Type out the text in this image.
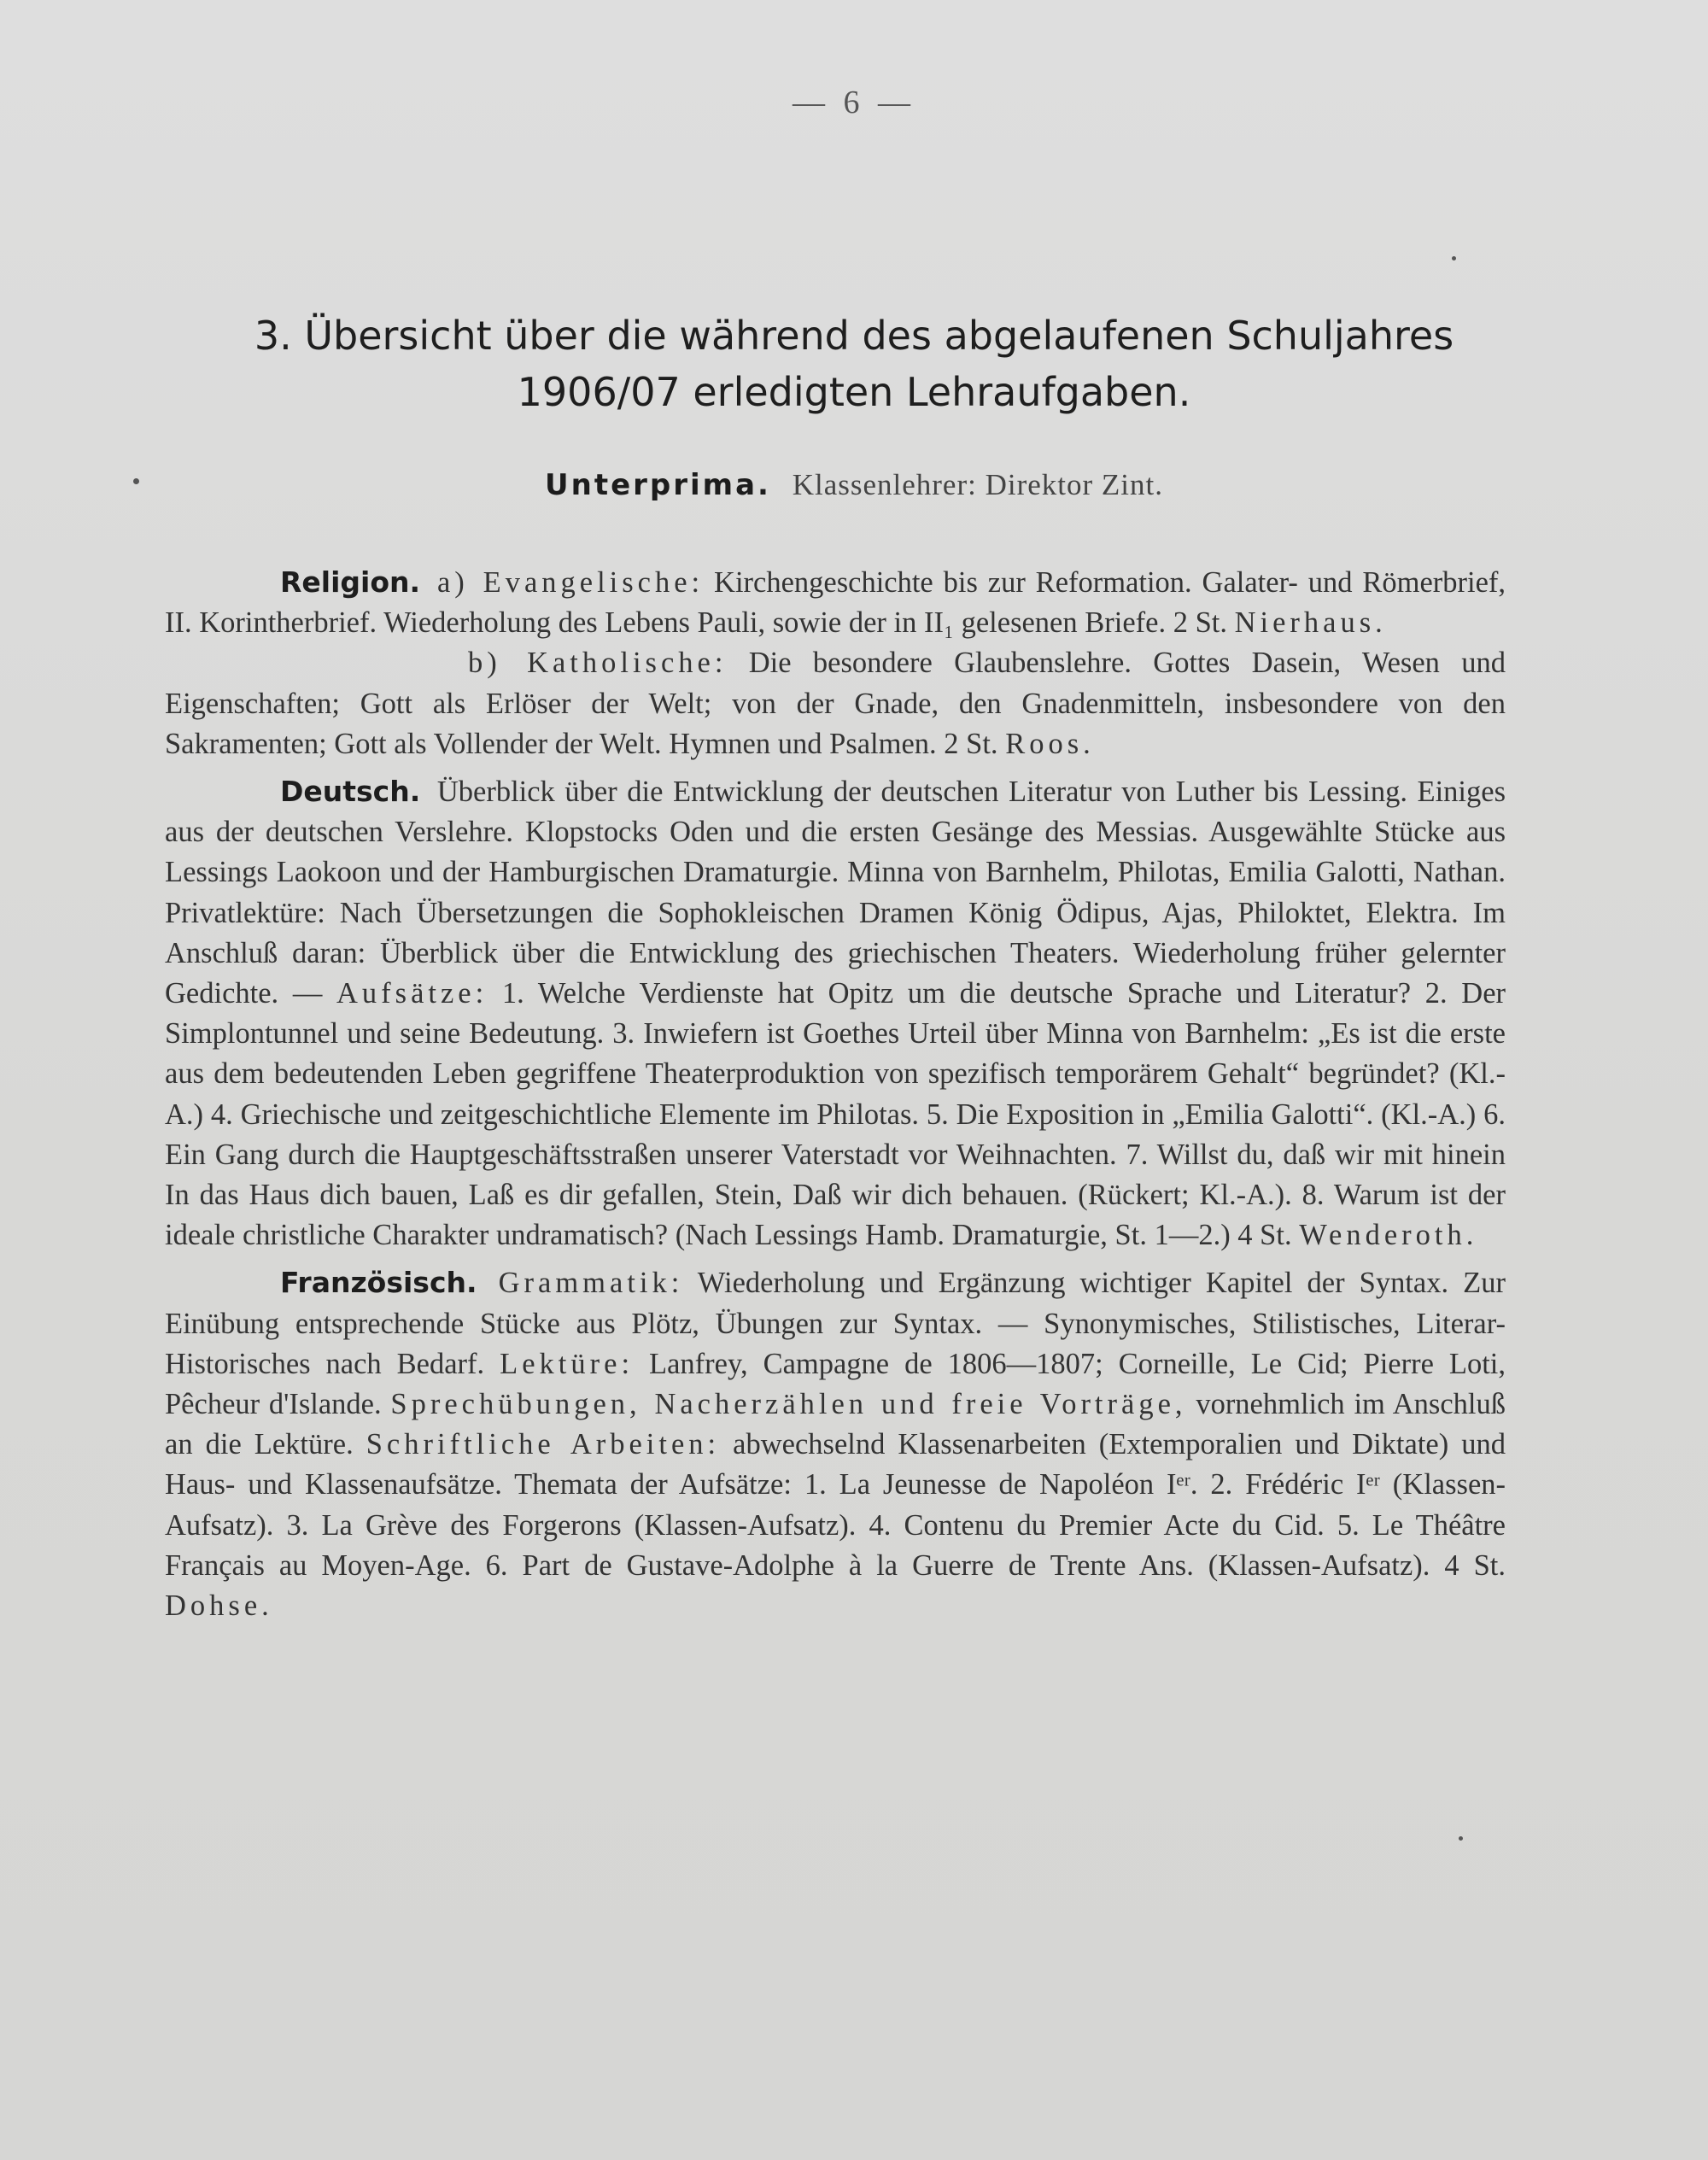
— 6 —
3. Übersicht über die während des abgelaufenen Schuljahres
1906/07 erledigten Lehraufgaben.
Unterprima. Klassenlehrer: Direktor Zint.

Religion. a) Evangelische: Kirchengeschichte bis zur Reformation. Galater- und Römerbrief, II. Korintherbrief. Wiederholung des Lebens Pauli, sowie der in II₁ gelesenen Briefe. 2 St. Nierhaus.

b) Katholische: Die besondere Glaubenslehre. Gottes Dasein, Wesen und Eigenschaften; Gott als Erlöser der Welt; von der Gnade, den Gnadenmitteln, insbesondere von den Sakramenten; Gott als Vollender der Welt. Hymnen und Psalmen. 2 St. Roos.

Deutsch. Überblick über die Entwicklung der deutschen Literatur von Luther bis Lessing. Einiges aus der deutschen Verslehre. Klopstocks Oden und die ersten Gesänge des Messias. Ausgewählte Stücke aus Lessings Laokoon und der Hamburgischen Dramaturgie. Minna von Barnhelm, Philotas, Emilia Galotti, Nathan. Privatlektüre: Nach Übersetzungen die Sophokleischen Dramen König Ödipus, Ajas, Philoktet, Elektra. Im Anschluß daran: Überblick über die Entwicklung des griechischen Theaters. Wiederholung früher gelernter Gedichte. — Aufsätze: 1. Welche Verdienste hat Opitz um die deutsche Sprache und Literatur? 2. Der Simplontunnel und seine Bedeutung. 3. Inwiefern ist Goethes Urteil über Minna von Barnhelm: „Es ist die erste aus dem bedeutenden Leben gegriffene Theaterproduktion von spezifisch temporärem Gehalt“ begründet? (Kl.-A.) 4. Griechische und zeitgeschichtliche Elemente im Philotas. 5. Die Exposition in „Emilia Galotti“. (Kl.-A.) 6. Ein Gang durch die Hauptgeschäftsstraßen unserer Vaterstadt vor Weihnachten. 7. Willst du, daß wir mit hinein In das Haus dich bauen, Laß es dir gefallen, Stein, Daß wir dich behauen. (Rückert; Kl.-A.). 8. Warum ist der ideale christliche Charakter undramatisch? (Nach Lessings Hamb. Dramaturgie, St. 1—2.) 4 St. Wenderoth.

Französisch. Grammatik: Wiederholung und Ergänzung wichtiger Kapitel der Syntax. Zur Einübung entsprechende Stücke aus Plötz, Übungen zur Syntax. — Synonymisches, Stilistisches, Literar-Historisches nach Bedarf. Lektüre: Lanfrey, Campagne de 1806—1807; Corneille, Le Cid; Pierre Loti, Pêcheur d'Islande. Sprechübungen, Nacherzählen und freie Vorträge, vornehmlich im Anschluß an die Lektüre. Schriftliche Arbeiten: abwechselnd Klassenarbeiten (Extemporalien und Diktate) und Haus- und Klassenaufsätze. Themata der Aufsätze: 1. La Jeunesse de Napoléon Iᵉʳ. 2. Frédéric Iᵉʳ (Klassen-Aufsatz). 3. La Grève des Forgerons (Klassen-Aufsatz). 4. Contenu du Premier Acte du Cid. 5. Le Théâtre Français au Moyen-Age. 6. Part de Gustave-Adolphe à la Guerre de Trente Ans. (Klassen-Aufsatz). 4 St. Dohse.
